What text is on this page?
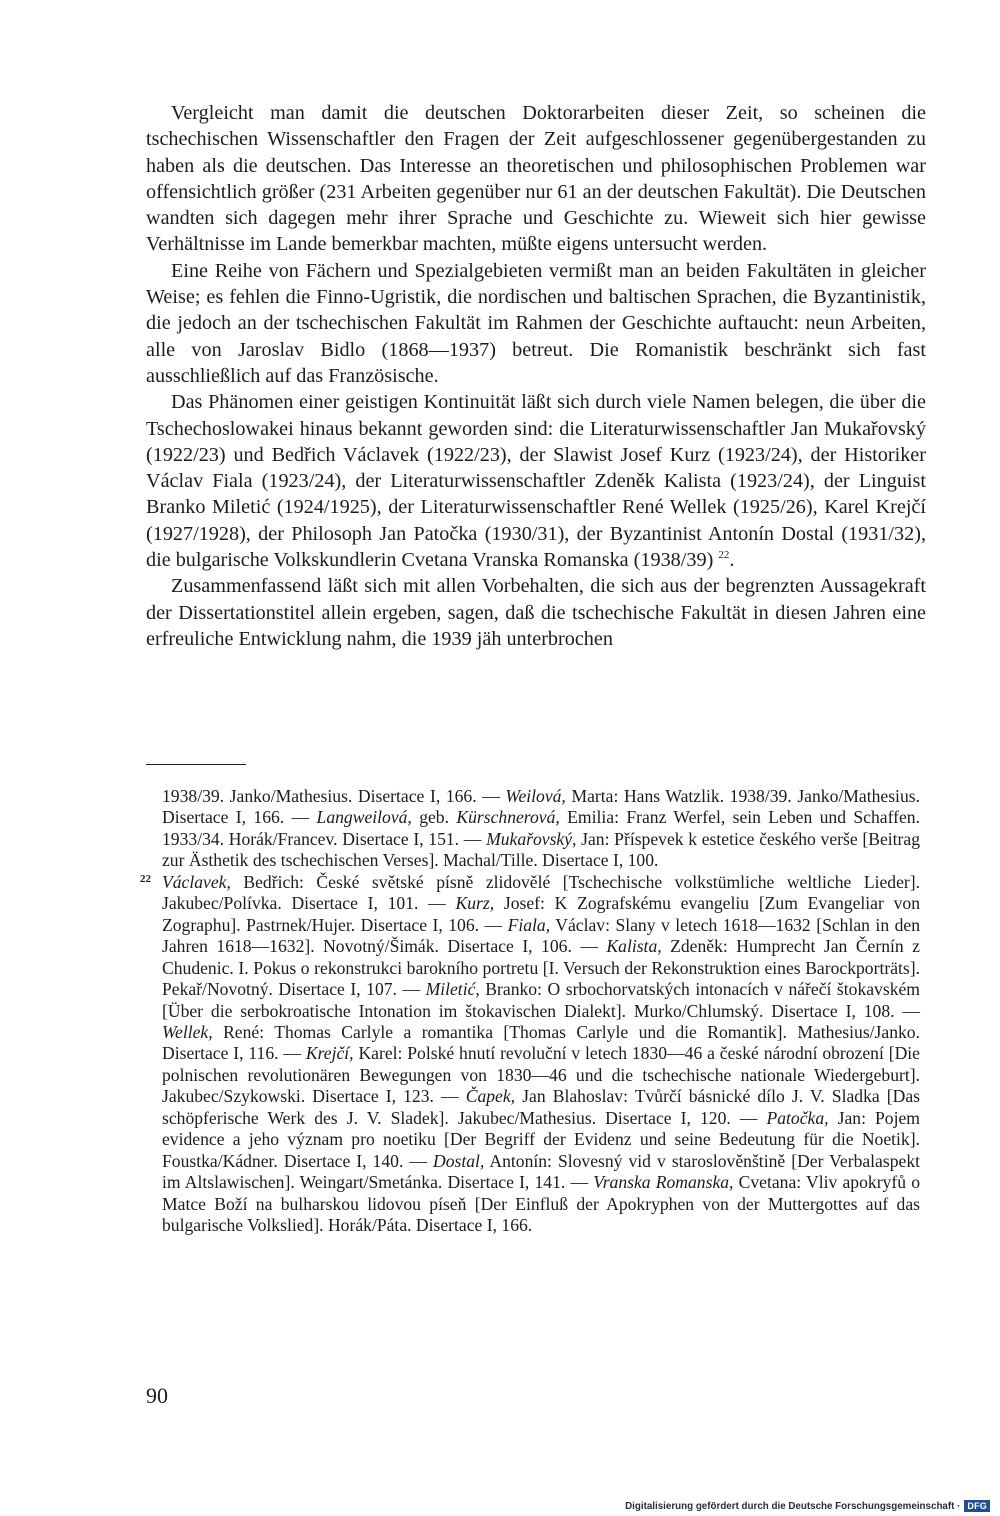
Vergleicht man damit die deutschen Doktorarbeiten dieser Zeit, so scheinen die tschechischen Wissenschaftler den Fragen der Zeit aufgeschlossener gegenübergestanden zu haben als die deutschen. Das Interesse an theoretischen und philosophischen Problemen war offensichtlich größer (231 Arbeiten gegenüber nur 61 an der deutschen Fakultät). Die Deutschen wandten sich dagegen mehr ihrer Sprache und Geschichte zu. Wieweit sich hier gewisse Verhältnisse im Lande bemerkbar machten, müßte eigens untersucht werden.

Eine Reihe von Fächern und Spezialgebieten vermißt man an beiden Fakultäten in gleicher Weise; es fehlen die Finno-Ugristik, die nordischen und baltischen Sprachen, die Byzantinistik, die jedoch an der tschechischen Fakultät im Rahmen der Geschichte auftaucht: neun Arbeiten, alle von Jaroslav Bidlo (1868—1937) betreut. Die Romanistik beschränkt sich fast ausschließlich auf das Französische.

Das Phänomen einer geistigen Kontinuität läßt sich durch viele Namen belegen, die über die Tschechoslowakei hinaus bekannt geworden sind: die Literaturwissenschaftler Jan Mukařovský (1922/23) und Bedřich Václavek (1922/23), der Slawist Josef Kurz (1923/24), der Historiker Václav Fiala (1923/24), der Literaturwissenschaftler Zdeněk Kalista (1923/24), der Linguist Branko Miletić (1924/1925), der Literaturwissenschaftler René Wellek (1925/26), Karel Krejčí (1927/1928), der Philosoph Jan Patočka (1930/31), der Byzantinist Antonín Dostal (1931/32), die bulgarische Volkskundlerin Cvetana Vranska Romanska (1938/39) $^{22}$.

Zusammenfassend läßt sich mit allen Vorbehalten, die sich aus der begrenzten Aussagekraft der Dissertationstitel allein ergeben, sagen, daß die tschechische Fakultät in diesen Jahren eine erfreuliche Entwicklung nahm, die 1939 jäh unterbrochen

1938/39. Janko/Mathesius. Disertace I, 166. — Weilová, Marta: Hans Watzlik. 1938/39. Janko/Mathesius. Disertace I, 166. — Langweilová, geb. Kürschnerová, Emilia: Franz Werfel, sein Leben und Schaffen. 1933/34. Horák/Francev. Disertace I, 151. — Mukařovský, Jan: Příspevek k estetice českého verše [Beitrag zur Ästhetik des tschechischen Verses]. Machal/Tille. Disertace I, 100.

22 Václavek, Bedřich: České světské písně zlidovělé [Tschechische volkstümliche weltliche Lieder]. Jakubec/Polívka. Disertace I, 101. — Kurz, Josef: K Zografskému evangeliu [Zum Evangeliar von Zographu]. Pastrnek/Hujer. Disertace I, 106. — Fiala, Václav: Slany v letech 1618—1632 [Schlan in den Jahren 1618—1632]. Novotný/Šimák. Disertace I, 106. — Kalista, Zdeněk: Humprecht Jan Černín z Chudenic. I. Pokus o rekonstrukci barokního portretu [I. Versuch der Rekonstruktion eines Barockporträts]. Pekař/Novotný. Disertace I, 107. — Miletić, Branko: O srbochorvatských intonacích v nářečí štokavském [Über die serbokroatische Intonation im štokavischen Dialekt]. Murko/Chlumský. Disertace I, 108. — Wellek, René: Thomas Carlyle a romantika [Thomas Carlyle und die Romantik]. Mathesius/Janko. Disertace I, 116. — Krejčí, Karel: Polské hnutí revoluční v letech 1830—46 a české národní obrození [Die polnischen revolutionären Bewegungen von 1830—46 und die tschechische nationale Wiedergeburt]. Jakubec/Szykowski. Disertace I, 123. — Čapek, Jan Blahoslav: Tvůrčí básnické dílo J. V. Sladka [Das schöpferische Werk des J. V. Sladek]. Jakubec/Mathesius. Disertace I, 120. — Patočka, Jan: Pojem evidence a jeho význam pro noetiku [Der Begriff der Evidenz und seine Bedeutung für die Noetik]. Foustka/Kádner. Disertace I, 140. — Dostal, Antonín: Slovesný vid v staroslověnštině [Der Verbalaspekt im Altslawischen]. Weingart/Smetánka. Disertace I, 141. — Vranska Romanska, Cvetana: Vliv apokryfů o Matce Boží na bulharskou lidovou píseň [Der Einfluß der Apokryphen von der Muttergottes auf das bulgarische Volkslied]. Horák/Páta. Disertace I, 166.

90
Digitalisierung gefördert durch die Deutsche Forschungsgemeinschaft · DFG
